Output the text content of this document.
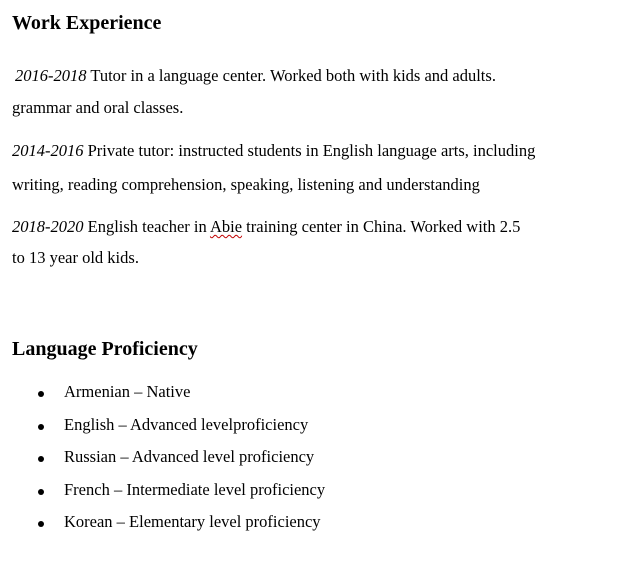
Work Experience

2016-2018 Tutor in a language center. Worked both with kids and adults.

grammar and oral classes.

2014-2016 Private tutor: instructed students in English language arts, including

writing, reading comprehension, speaking, listening and understanding

2018-2020 English teacher in Abie training center in China. Worked with 2.5

to 13 year old kids.

Language Proficiency
Armenian – Native
English – Advanced levelproficiency
Russian – Advanced level proficiency
French – Intermediate level proficiency
Korean – Elementary level proficiency
